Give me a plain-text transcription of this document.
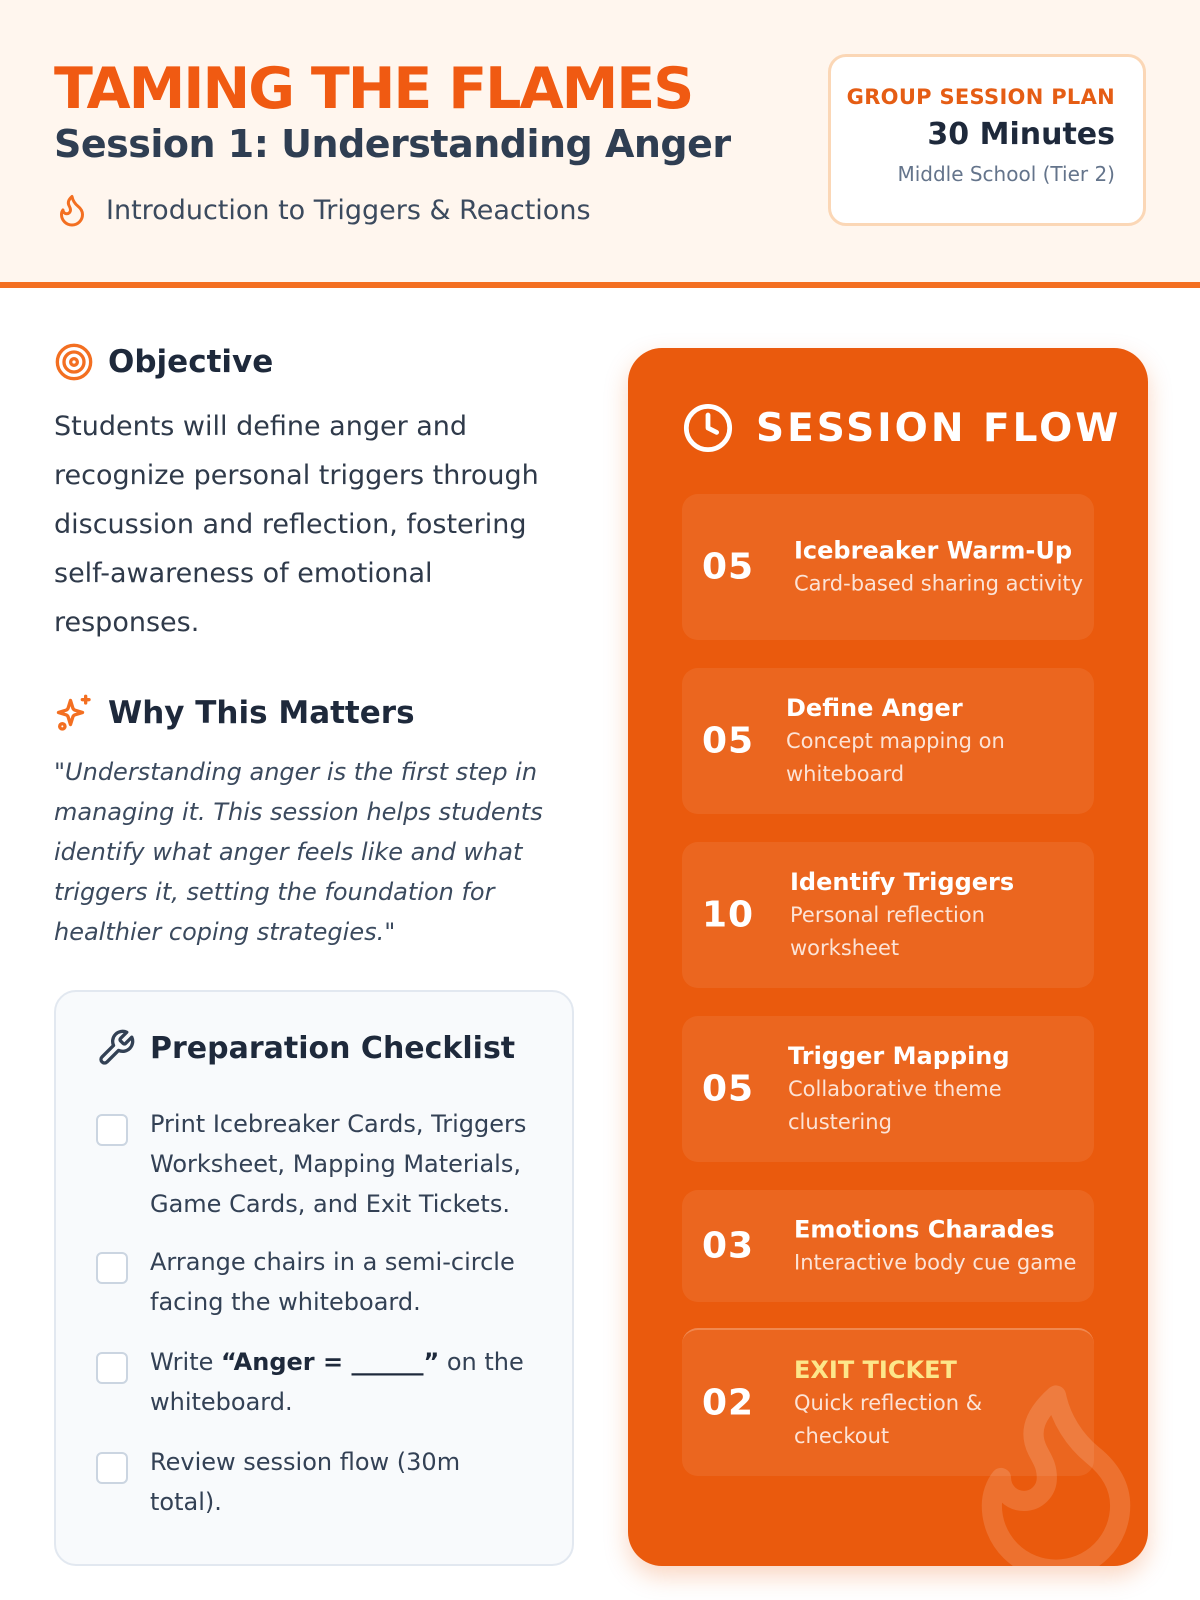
TAMING THE FLAMES
Session 1: Understanding Anger
Introduction to Triggers & Reactions
GROUP SESSION PLAN
30 Minutes
Middle School (Tier 2)
Objective
Students will define anger and recognize personal triggers through discussion and reflection, fostering self-awareness of emotional responses.
Why This Matters
"Understanding anger is the first step in managing it. This session helps students identify what anger feels like and what triggers it, setting the foundation for healthier coping strategies."
Preparation Checklist
Print Icebreaker Cards, Triggers Worksheet, Mapping Materials, Game Cards, and Exit Tickets.
Arrange chairs in a semi-circle facing the whiteboard.
Write “Anger = ______” on the whiteboard.
Review session flow (30m total).
SESSION FLOW
05 Icebreaker Warm-Up
Card-based sharing activity
05
Define Anger
Concept mapping on whiteboard
10
Identify Triggers
Personal reflection worksheet
05
Trigger Mapping
Collaborative theme clustering
03 Emotions Charades
Interactive body cue game
02
EXIT TICKET
Quick reflection & checkout
